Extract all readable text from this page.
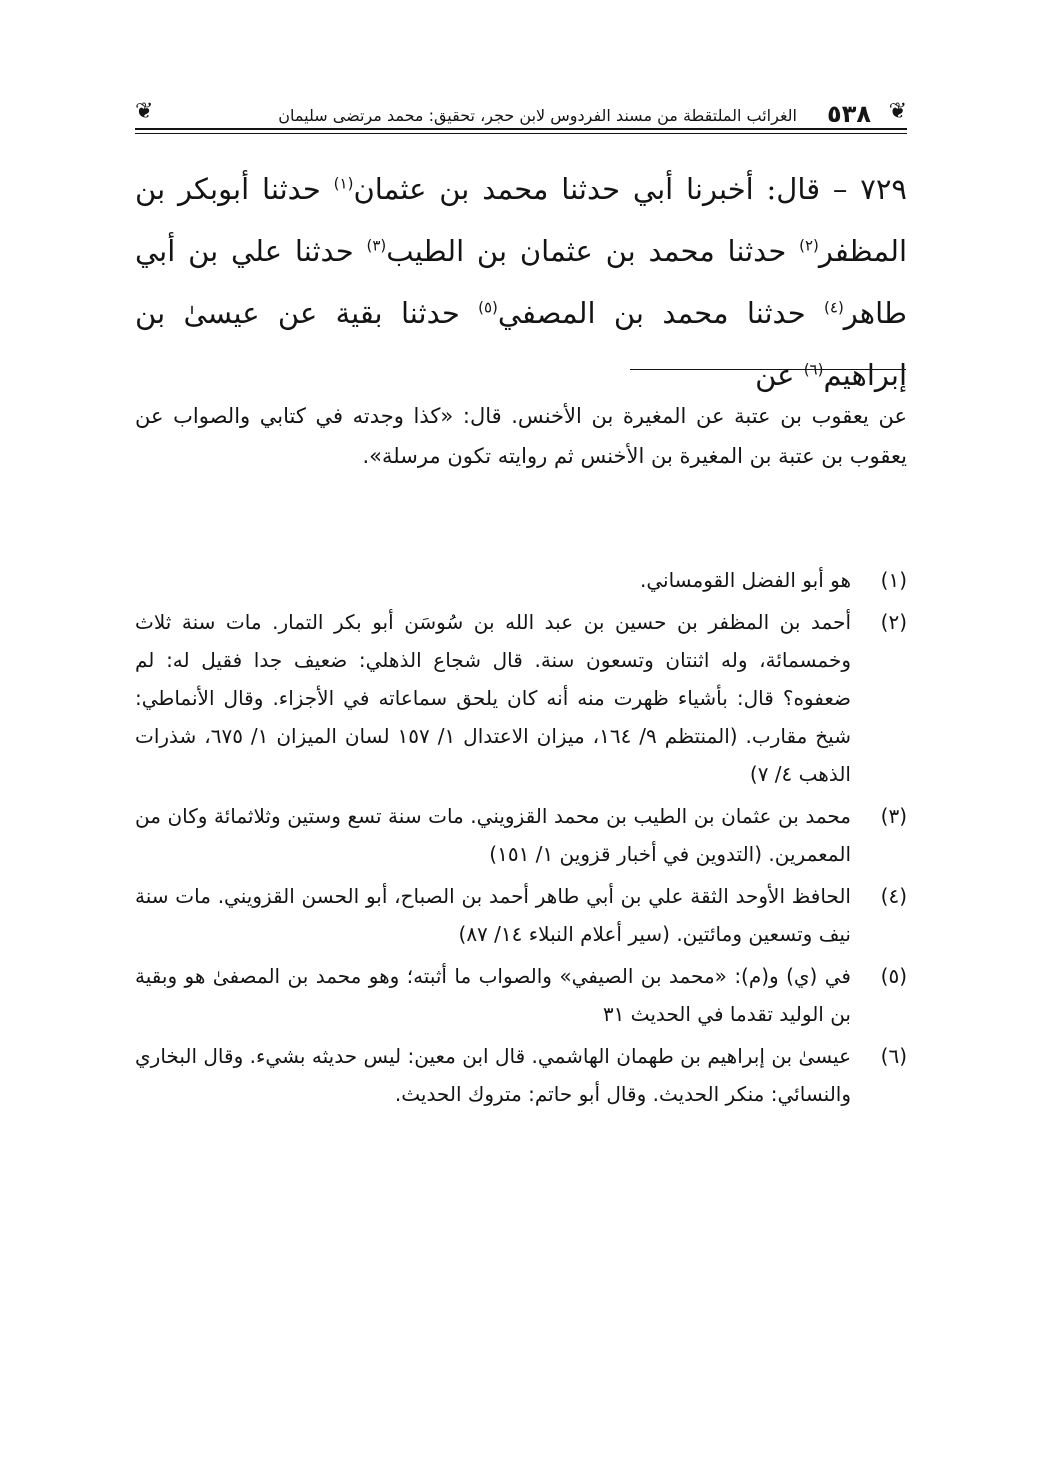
❦
٥٣٨
الغرائب الملتقطة من مسند الفردوس لابن حجر، تحقيق: محمد مرتضى سليمان
❦
٧٢٩ – قال: أخبرنا أبي حدثنا محمد بن عثمان$^{(١)}$ حدثنا أبوبكر بن المظفر$^{(٢)}$ حدثنا محمد بن عثمان بن الطيب$^{(٣)}$ حدثنا علي بن أبي طاهر$^{(٤)}$ حدثنا محمد بن المصفي$^{(٥)}$ حدثنا بقية عن عيسىٰ بن إبراهيم$^{(٦)}$ عن

عن يعقوب بن عتبة عن المغيرة بن الأخنس. قال: «كذا وجدته في كتابي والصواب عن يعقوب بن عتبة بن المغيرة بن الأخنس ثم روايته تكون مرسلة».

(١)
هو أبو الفضل القومساني.
(٢)
أحمد بن المظفر بن حسين بن عبد الله بن سُوسَن أبو بكر التمار. مات سنة ثلاث وخمسمائة، وله اثنتان وتسعون سنة. قال شجاع الذهلي: ضعيف جدا فقيل له: لم ضعفوه؟ قال: بأشياء ظهرت منه أنه كان يلحق سماعاته في الأجزاء. وقال الأنماطي: شيخ مقارب. (المنتظم ٩/ ١٦٤، ميزان الاعتدال ١/ ١٥٧ لسان الميزان ١/ ٦٧٥، شذرات الذهب ٤/ ٧)
(٣)
محمد بن عثمان بن الطيب بن محمد القزويني. مات سنة تسع وستين وثلاثمائة وكان من المعمرين. (التدوين في أخبار قزوين ١/ ١٥١)
(٤)
الحافظ الأوحد الثقة علي بن أبي طاهر أحمد بن الصباح، أبو الحسن القزويني. مات سنة نيف وتسعين ومائتين. (سير أعلام النبلاء ١٤/ ٨٧)
(٥)
في (ي) و(م): «محمد بن الصيفي» والصواب ما أثبته؛ وهو محمد بن المصفىٰ هو وبقية بن الوليد تقدما في الحديث ٣١
(٦)
عيسىٰ بن إبراهيم بن طهمان الهاشمي. قال ابن معين: ليس حديثه بشيء. وقال البخاري والنسائي: منكر الحديث. وقال أبو حاتم: متروك الحديث.
